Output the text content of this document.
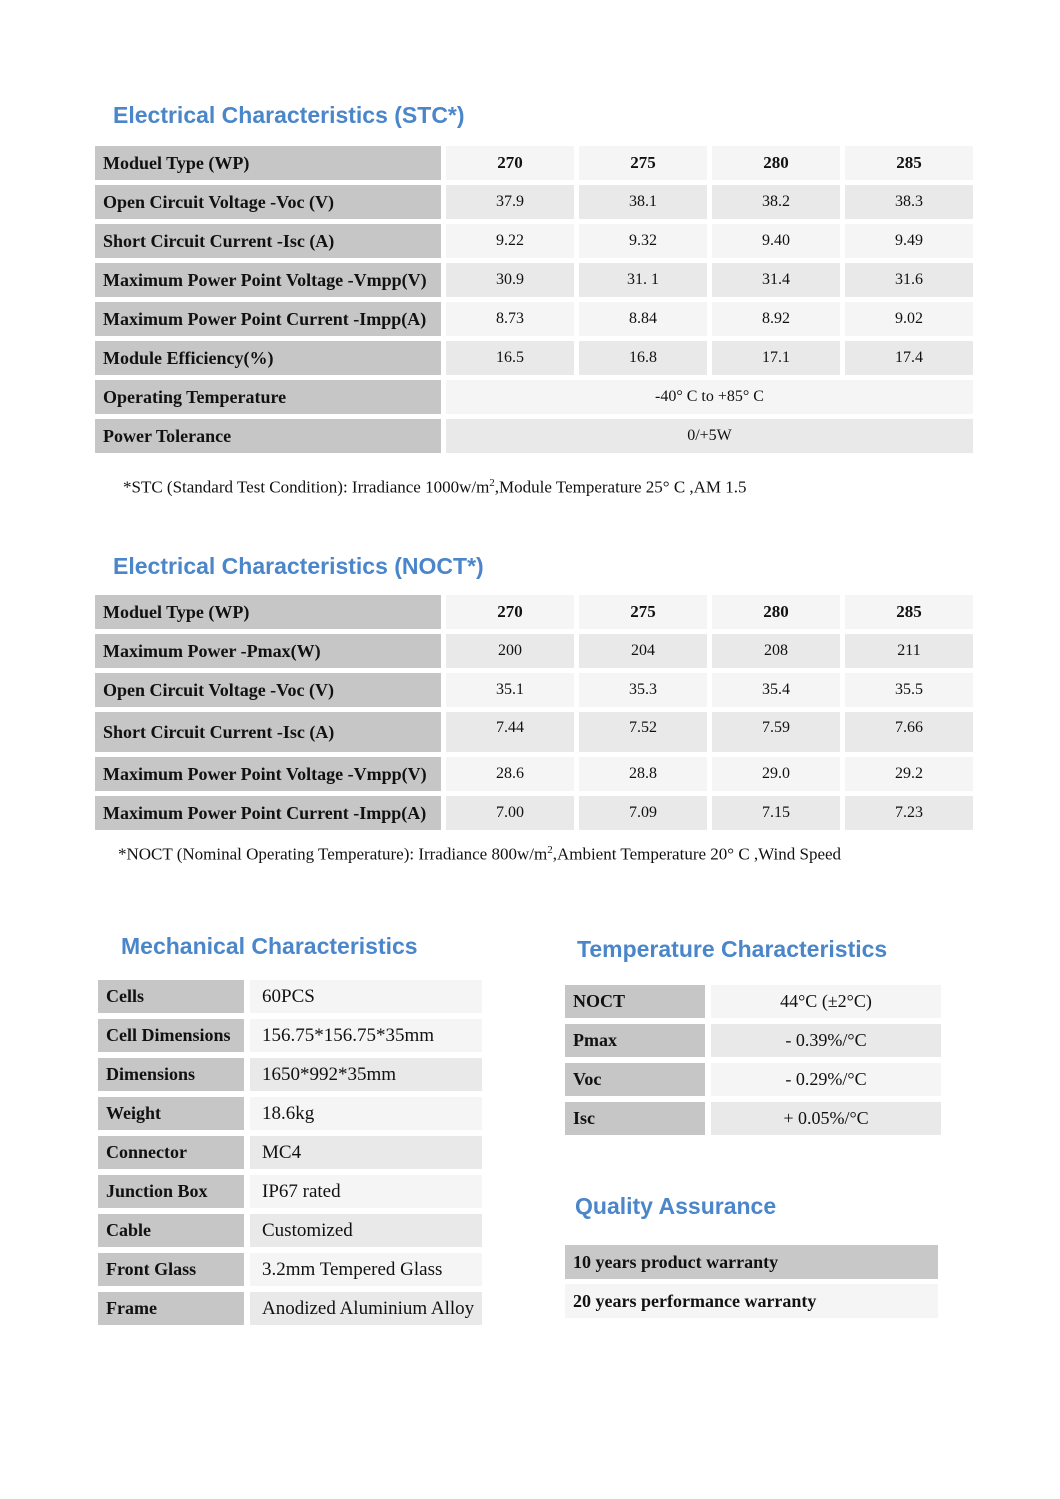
Electrical Characteristics (STC*)
Moduel Type (WP)	270	275	280	285
Open Circuit Voltage -Voc (V)	37.9	38.1	38.2	38.3
Short Circuit Current -Isc (A)	9.22	9.32	9.40	9.49
Maximum Power Point Voltage -Vmpp(V)	30.9	31. 1	31.4	31.6
Maximum Power Point Current -Impp(A)	8.73	8.84	8.92	9.02
Module Efficiency(%)	16.5	16.8	17.1	17.4
Operating Temperature	-40° C to +85° C
Power Tolerance	0/+5W
*STC (Standard Test Condition): Irradiance $1000w/m^2,Module$ Temperature 25° C ,AM 1.5
Electrical Characteristics (NOCT*)
Moduel Type (WP)	270	275	280	285
Maximum Power -Pmax(W)	200	204	208	211
Open Circuit Voltage -Voc (V)	35.1	35.3	35.4	35.5
Short Circuit Current -Isc (A)	7.44	7.52	7.59	7.66
Maximum Power Point Voltage -Vmpp(V)	28.6	28.8	29.0	29.2
Maximum Power Point Current -Impp(A)	7.00	7.09	7.15	7.23
*NOCT (Nominal Operating Temperature): Irradiance $800w/m^2,Ambient$ Temperature 20° C ,Wind Speed
Mechanical Characteristics
Cells	60PCS
Cell Dimensions	156.75*156.75*35mm
Dimensions	1650*992*35mm
Weight	18.6kg
Connector	MC4
Junction Box	IP67 rated
Cable	Customized
Front Glass	3.2mm Tempered Glass
Frame	Anodized Aluminium Alloy
Temperature Characteristics
NOCT	44°C (±2°C)
Pmax	- 0.39%/°C
Voc	- 0.29%/°C
Isc	+ 0.05%/°C
Quality Assurance
10 years product warranty
20 years performance warranty
